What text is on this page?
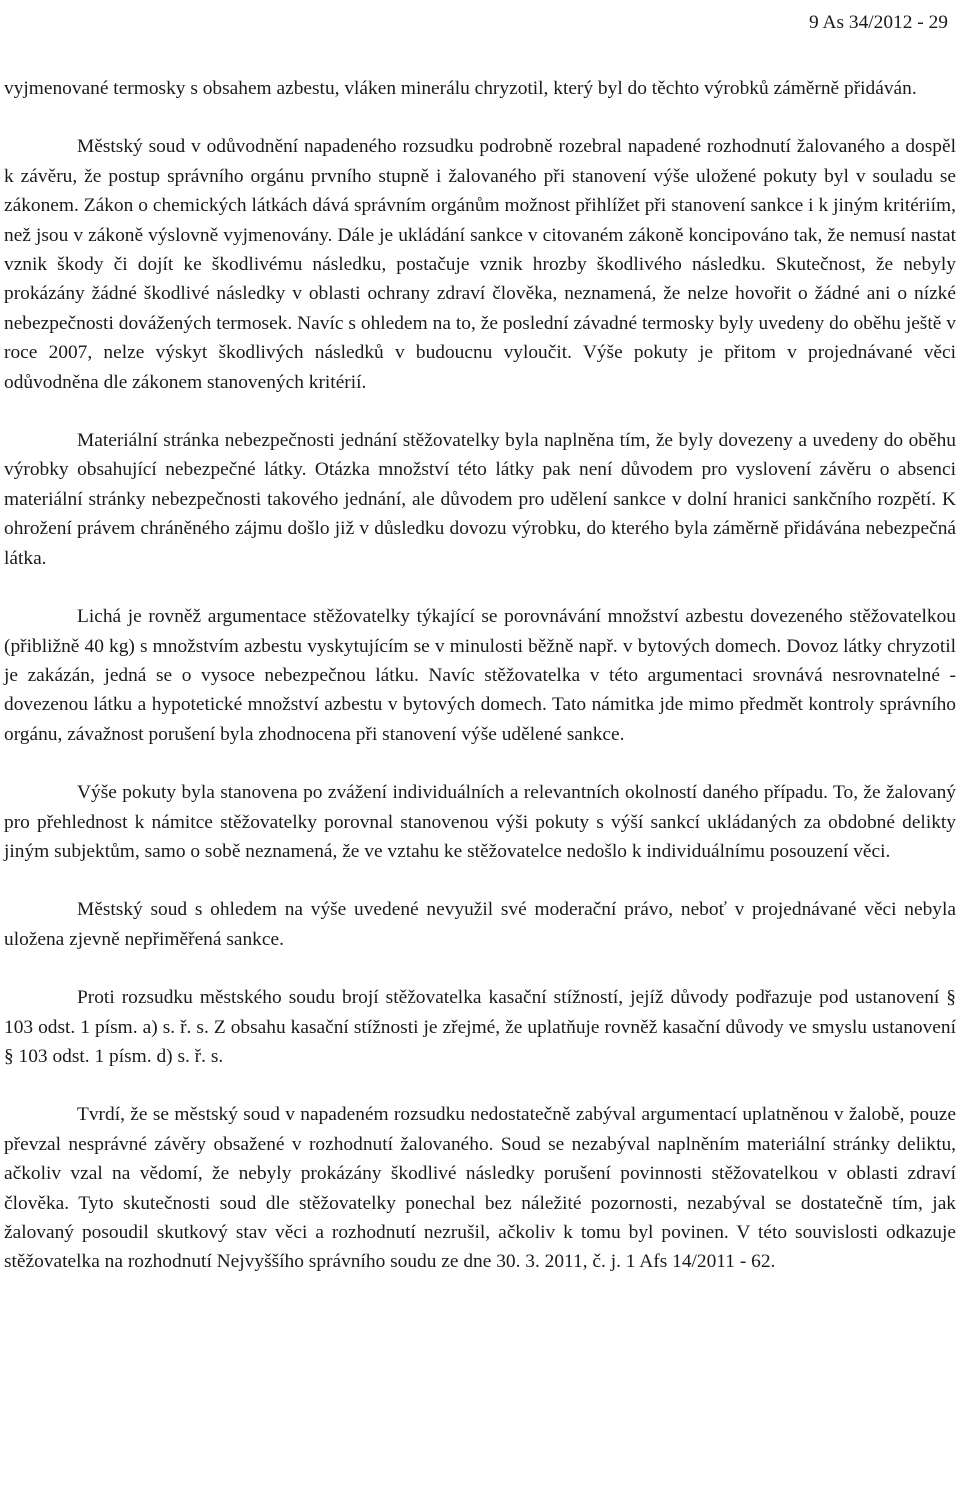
9 As 34/2012 - 29

vyjmenované termosky s obsahem azbestu, vláken minerálu chryzotil, který byl do těchto výrobků záměrně přidáván.

Městský soud v odůvodnění napadeného rozsudku podrobně rozebral napadené rozhodnutí žalovaného a dospěl k závěru, že postup správního orgánu prvního stupně i žalovaného při stanovení výše uložené pokuty byl v souladu se zákonem. Zákon o chemických látkách dává správním orgánům možnost přihlížet při stanovení sankce i k jiným kritériím, než jsou v zákoně výslovně vyjmenovány. Dále je ukládání sankce v citovaném zákoně koncipováno tak, že nemusí nastat vznik škody či dojít ke škodlivému následku, postačuje vznik hrozby škodlivého následku. Skutečnost, že nebyly prokázány žádné škodlivé následky v oblasti ochrany zdraví člověka, neznamená, že nelze hovořit o žádné ani o nízké nebezpečnosti dovážených termosek. Navíc s ohledem na to, že poslední závadné termosky byly uvedeny do oběhu ještě v roce 2007, nelze výskyt škodlivých následků v budoucnu vyloučit. Výše pokuty je přitom v projednávané věci odůvodněna dle zákonem stanovených kritérií.

Materiální stránka nebezpečnosti jednání stěžovatelky byla naplněna tím, že byly dovezeny a uvedeny do oběhu výrobky obsahující nebezpečné látky. Otázka množství této látky pak není důvodem pro vyslovení závěru o absenci materiální stránky nebezpečnosti takového jednání, ale důvodem pro udělení sankce v dolní hranici sankčního rozpětí. K ohrožení právem chráněného zájmu došlo již v důsledku dovozu výrobku, do kterého byla záměrně přidávána nebezpečná látka.

Lichá je rovněž argumentace stěžovatelky týkající se porovnávání množství azbestu dovezeného stěžovatelkou (přibližně 40 kg) s množstvím azbestu vyskytujícím se v minulosti běžně např. v bytových domech. Dovoz látky chryzotil je zakázán, jedná se o vysoce nebezpečnou látku. Navíc stěžovatelka v této argumentaci srovnává nesrovnatelné - dovezenou látku a hypotetické množství azbestu v bytových domech. Tato námitka jde mimo předmět kontroly správního orgánu, závažnost porušení byla zhodnocena při stanovení výše udělené sankce.

Výše pokuty byla stanovena po zvážení individuálních a relevantních okolností daného případu. To, že žalovaný pro přehlednost k námitce stěžovatelky porovnal stanovenou výši pokuty s výší sankcí ukládaných za obdobné delikty jiným subjektům, samo o sobě neznamená, že ve vztahu ke stěžovatelce nedošlo k individuálnímu posouzení věci.

Městský soud s ohledem na výše uvedené nevyužil své moderační právo, neboť v projednávané věci nebyla uložena zjevně nepřiměřená sankce.

Proti rozsudku městského soudu brojí stěžovatelka kasační stížností, jejíž důvody podřazuje pod ustanovení § 103 odst. 1 písm. a) s. ř. s. Z obsahu kasační stížnosti je zřejmé, že uplatňuje rovněž kasační důvody ve smyslu ustanovení § 103 odst. 1 písm. d) s. ř. s.

Tvrdí, že se městský soud v napadeném rozsudku nedostatečně zabýval argumentací uplatněnou v žalobě, pouze převzal nesprávné závěry obsažené v rozhodnutí žalovaného. Soud se nezabýval naplněním materiální stránky deliktu, ačkoliv vzal na vědomí, že nebyly prokázány škodlivé následky porušení povinnosti stěžovatelkou v oblasti zdraví člověka. Tyto skutečnosti soud dle stěžovatelky ponechal bez náležité pozornosti, nezabýval se dostatečně tím, jak žalovaný posoudil skutkový stav věci a rozhodnutí nezrušil, ačkoliv k tomu byl povinen. V této souvislosti odkazuje stěžovatelka na rozhodnutí Nejvyššího správního soudu ze dne 30. 3. 2011, č. j. 1 Afs 14/2011 - 62.
